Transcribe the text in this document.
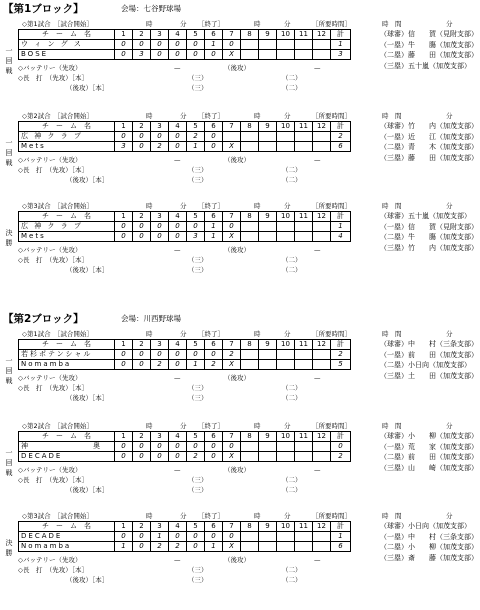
【第1ブロック】	会場：七谷野球場
◇第1試合　［試合開始］	時	分 ［終了］	時	分	［所要時間］	時　間	分
一
回
戦
チ　ー　ム　名	1	2	3	4	5	6	7	8	9	10	11	12	計
ウ ィ ン グ ス	0	0	0	0	0	1	0						1
BOSE	0	3	0	0	0	0	X						3
◇バッテリー（先攻）	—	（後攻）	—
◇長　打　（先攻）［本］	（三）	（二）
（後攻）［本］	（三）	（二）
（球審）信　　賀（見附支部）
（一塁）牛　　膓（加茂支部）
（二塁）藤　　田（加茂支部）
（三塁）五十嵐（加茂支部）
◇第2試合　［試合開始］	時	分 ［終了］	時	分	［所要時間］	時　間	分
一
回
戦
チ　ー　ム　名	1	2	3	4	5	6	7	8	9	10	11	12	計
広 神 ク ラ ブ	0	0	0	0	2	0							2
Mets	3	0	2	0	1	0	X						6
◇バッテリー（先攻）	—	（後攻）	—
◇長　打　（先攻）［本］	（三）	（二）
（後攻）［本］	（三）	（二）
（球審）竹　　内（加茂支部）
（一塁）近　　江（加茂支部）
（二塁）青　　木（加茂支部）
（三塁）藤　　田（加茂支部）
◇第3試合　［試合開始］	時	分 ［終了］	時	分	［所要時間］	時　間	分
決
勝
チ　ー　ム　名	1	2	3	4	5	6	7	8	9	10	11	12	計
広 神 ク ラ ブ	0	0	0	0	0	1	0						1
Mets	0	0	0	0	3	1	X						4
◇バッテリー（先攻）	—	（後攻）	—
◇長　打　（先攻）［本］	（三）	（二）
（後攻）［本］	（三）	（二）
（球審）五十嵐（加茂支部）
（一塁）信　　賀（見附支部）
（二塁）牛　　膓（加茂支部）
（三塁）竹　　内（加茂支部）
【第2ブロック】	会場：川西野球場
◇第1試合　［試合開始］	時	分 ［終了］	時	分	［所要時間］	時　間	分
一
回
戦
チ　ー　ム　名	1	2	3	4	5	6	7	8	9	10	11	12	計
若杉ポテンシャル	0	0	0	0	0	0	2						2
Nomamba	0	0	2	0	1	2	X						5
◇バッテリー（先攻）	—	（後攻）	—
◇長　打　（先攻）［本］	（三）	（二）
（後攻）［本］	（三）	（二）
（球審）中　　村（三条支部）
（一塁）前　　田（加茂支部）
（二塁）小日向（加茂支部）
（三塁）土　　田（加茂支部）
◇第2試合　［試合開始］	時	分 ［終了］	時	分	［所要時間］	時　間	分
一
回
戦
チ　ー　ム　名	1	2	3	4	5	6	7	8	9	10	11	12	計
神　　　　　　　奥	0	0	0	0	0	0	0						0
DECADE	0	0	0	0	2	0	X						2
◇バッテリー（先攻）	—	（後攻）	—
◇長　打　（先攻）［本］	（三）	（二）
（後攻）［本］	（三）	（二）
（球審）小　　柳（加茂支部）
（一塁）荒　　家（加茂支部）
（二塁）前　　田（加茂支部）
（三塁）山　　崎（加茂支部）
◇第3試合　［試合開始］	時	分 ［終了］	時	分	［所要時間］	時　間	分
決
勝
チ　ー　ム　名	1	2	3	4	5	6	7	8	9	10	11	12	計
DECADE	0	0	1	0	0	0	0						1
Nomamba	1	0	2	2	0	1	X						6
◇バッテリー（先攻）	—	（後攻）	—
◇長　打　（先攻）［本］	（三）	（二）
（後攻）［本］	（三）	（二）
（球審）小日向（加茂支部）
（一塁）中　　村（三条支部）
（二塁）小　　柳（加茂支部）
（三塁）斎　　藤（加茂支部）
